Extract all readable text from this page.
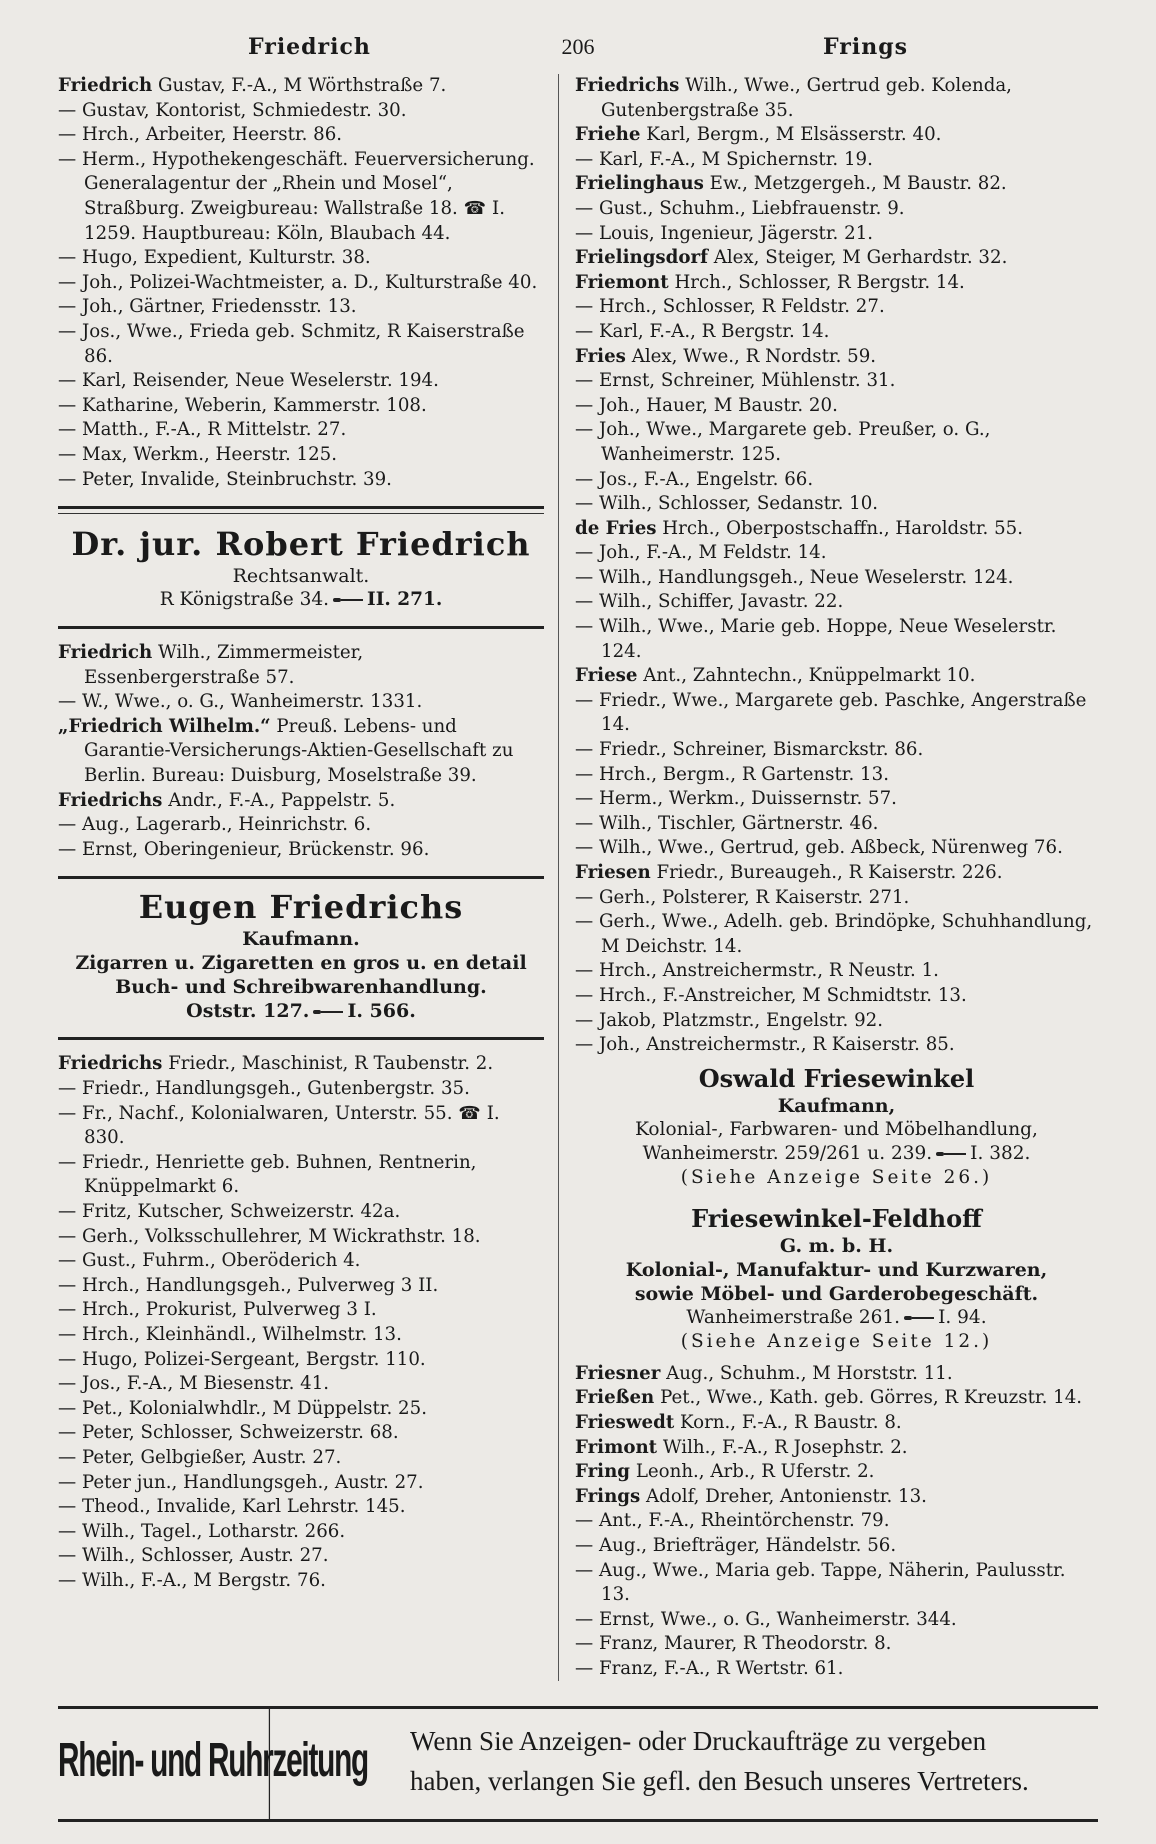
Friedrich	206	Frings

Friedrich Gustav, F.-A., M Wörthstraße 7.

— Gustav, Kontorist, Schmiedestr. 30.

— Hrch., Arbeiter, Heerstr. 86.

— Herm., Hypothekengeschäft. Feuerversicherung. Generalagentur der „Rhein und Mosel“, Straßburg. Zweigbureau: Wallstraße 18. ☎ I. 1259. Hauptbureau: Köln, Blaubach 44.

— Hugo, Expedient, Kulturstr. 38.

— Joh., Polizei-Wachtmeister, a. D., Kulturstraße 40.

— Joh., Gärtner, Friedensstr. 13.

— Jos., Wwe., Frieda geb. Schmitz, R Kaiserstraße 86.

— Karl, Reisender, Neue Weselerstr. 194.

— Katharine, Weberin, Kammerstr. 108.

— Matth., F.-A., R Mittelstr. 27.

— Max, Werkm., Heerstr. 125.

— Peter, Invalide, Steinbruchstr. 39.

Dr. jur. Robert Friedrich
Rechtsanwalt.
R Königstraße 34. II. 271.

Friedrich Wilh., Zimmermeister, Essenbergerstraße 57.

— W., Wwe., o. G., Wanheimerstr. 1331.

„Friedrich Wilhelm.“ Preuß. Lebens- und Garantie-Versicherungs-Aktien-Gesellschaft zu Berlin. Bureau: Duisburg, Moselstraße 39.

Friedrichs Andr., F.-A., Pappelstr. 5.

— Aug., Lagerarb., Heinrichstr. 6.

— Ernst, Oberingenieur, Brückenstr. 96.

Eugen Friedrichs
Kaufmann.
Zigarren u. Zigaretten en gros u. en detail
Buch- und Schreibwarenhandlung.
Oststr. 127. I. 566.

Friedrichs Friedr., Maschinist, R Taubenstr. 2.

— Friedr., Handlungsgeh., Gutenbergstr. 35.

— Fr., Nachf., Kolonialwaren, Unterstr. 55. ☎ I. 830.

— Friedr., Henriette geb. Buhnen, Rentnerin, Knüppelmarkt 6.

— Fritz, Kutscher, Schweizerstr. 42a.

— Gerh., Volksschullehrer, M Wickrathstr. 18.

— Gust., Fuhrm., Oberöderich 4.

— Hrch., Handlungsgeh., Pulverweg 3 II.

— Hrch., Prokurist, Pulverweg 3 I.

— Hrch., Kleinhändl., Wilhelmstr. 13.

— Hugo, Polizei-Sergeant, Bergstr. 110.

— Jos., F.-A., M Biesenstr. 41.

— Pet., Kolonialwhdlr., M Düppelstr. 25.

— Peter, Schlosser, Schweizerstr. 68.

— Peter, Gelbgießer, Austr. 27.

— Peter jun., Handlungsgeh., Austr. 27.

— Theod., Invalide, Karl Lehrstr. 145.

— Wilh., Tagel., Lotharstr. 266.

— Wilh., Schlosser, Austr. 27.

— Wilh., F.-A., M Bergstr. 76.

Friedrichs Wilh., Wwe., Gertrud geb. Kolenda, Gutenbergstraße 35.

Friehe Karl, Bergm., M Elsässerstr. 40.

— Karl, F.-A., M Spichernstr. 19.

Frielinghaus Ew., Metzgergeh., M Baustr. 82.

— Gust., Schuhm., Liebfrauenstr. 9.

— Louis, Ingenieur, Jägerstr. 21.

Frielingsdorf Alex, Steiger, M Gerhardstr. 32.

Friemont Hrch., Schlosser, R Bergstr. 14.

— Hrch., Schlosser, R Feldstr. 27.

— Karl, F.-A., R Bergstr. 14.

Fries Alex, Wwe., R Nordstr. 59.

— Ernst, Schreiner, Mühlenstr. 31.

— Joh., Hauer, M Baustr. 20.

— Joh., Wwe., Margarete geb. Preußer, o. G., Wanheimerstr. 125.

— Jos., F.-A., Engelstr. 66.

— Wilh., Schlosser, Sedanstr. 10.

de Fries Hrch., Oberpostschaffn., Haroldstr. 55.

— Joh., F.-A., M Feldstr. 14.

— Wilh., Handlungsgeh., Neue Weselerstr. 124.

— Wilh., Schiffer, Javastr. 22.

— Wilh., Wwe., Marie geb. Hoppe, Neue Weselerstr. 124.

Friese Ant., Zahntechn., Knüppelmarkt 10.

— Friedr., Wwe., Margarete geb. Paschke, Angerstraße 14.

— Friedr., Schreiner, Bismarckstr. 86.

— Hrch., Bergm., R Gartenstr. 13.

— Herm., Werkm., Duissernstr. 57.

— Wilh., Tischler, Gärtnerstr. 46.

— Wilh., Wwe., Gertrud, geb. Aßbeck, Nürenweg 76.

Friesen Friedr., Bureaugeh., R Kaiserstr. 226.

— Gerh., Polsterer, R Kaiserstr. 271.

— Gerh., Wwe., Adelh. geb. Brindöpke, Schuhhandlung, M Deichstr. 14.

— Hrch., Anstreichermstr., R Neustr. 1.

— Hrch., F.-Anstreicher, M Schmidtstr. 13.

— Jakob, Platzmstr., Engelstr. 92.

— Joh., Anstreichermstr., R Kaiserstr. 85.

Oswald Friesewinkel
Kaufmann,
Kolonial-, Farbwaren- und Möbelhandlung,
Wanheimerstr. 259/261 u. 239. I. 382.
(Siehe Anzeige Seite 26.)
Friesewinkel-Feldhoff
G. m. b. H.
Kolonial-, Manufaktur- und Kurzwaren,
sowie Möbel- und Garderobegeschäft.
Wanheimerstraße 261. I. 94.
(Siehe Anzeige Seite 12.)

Friesner Aug., Schuhm., M Horststr. 11.

Frießen Pet., Wwe., Kath. geb. Görres, R Kreuzstr. 14.

Frieswedt Korn., F.-A., R Baustr. 8.

Frimont Wilh., F.-A., R Josephstr. 2.

Fring Leonh., Arb., R Uferstr. 2.

Frings Adolf, Dreher, Antonienstr. 13.

— Ant., F.-A., Rheintörchenstr. 79.

— Aug., Briefträger, Händelstr. 56.

— Aug., Wwe., Maria geb. Tappe, Näherin, Paulusstr. 13.

— Ernst, Wwe., o. G., Wanheimerstr. 344.

— Franz, Maurer, R Theodorstr. 8.

— Franz, F.-A., R Wertstr. 61.

Rhein- und Ruhrzeitung Wenn Sie Anzeigen- oder Druckaufträge zu vergeben
haben, verlangen Sie gefl. den Besuch unseres Vertreters.
